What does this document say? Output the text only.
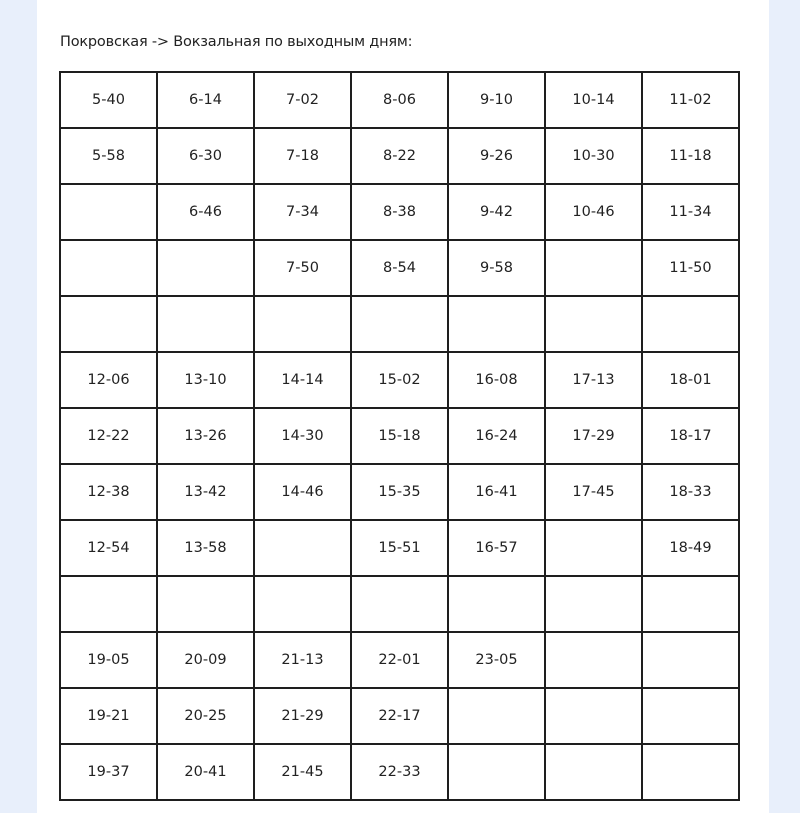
Покровская -> Вокзальная по выходным дням:
5-40	6-14	7-02	8-06	9-10	10-14	11-02
5-58	6-30	7-18	8-22	9-26	10-30	11-18
	6-46	7-34	8-38	9-42	10-46	11-34
		7-50	8-54	9-58		11-50

12-06	13-10	14-14	15-02	16-08	17-13	18-01
12-22	13-26	14-30	15-18	16-24	17-29	18-17
12-38	13-42	14-46	15-35	16-41	17-45	18-33
12-54	13-58		15-51	16-57		18-49

19-05	20-09	21-13	22-01	23-05		
19-21	20-25	21-29	22-17			
19-37	20-41	21-45	22-33			
